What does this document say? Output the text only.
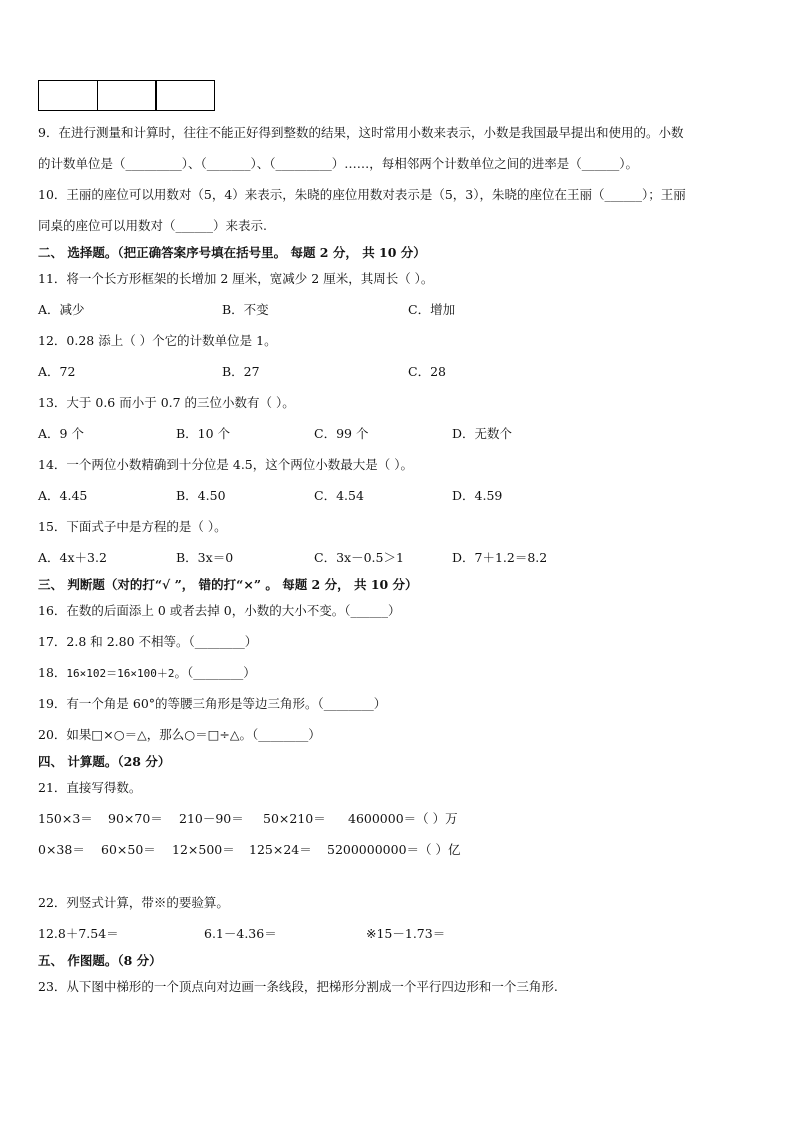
9．在进行测量和计算时，往往不能正好得到整数的结果，这时常用小数来表示，小数是我国最早提出和使用的。小数
的计数单位是（_________）、（_______）、（_________）……，每相邻两个计数单位之间的进率是（______）。
10．王丽的座位可以用数对（5，4）来表示，朱晓的座位用数对表示是（5，3），朱晓的座位在王丽（______）；王丽
同桌的座位可以用数对（______）来表示.
二、 选择题。（把正确答案序号填在括号里。 每题 2 分， 共 10 分）
11．将一个长方形框架的长增加 2 厘米，宽减少 2 厘米，其周长（ ）。
A．减少	B．不变	C．增加
12．0.28 添上（ ）个它的计数单位是 1。
A．72	B．27	C．28
13．大于 0.6 而小于 0.7 的三位小数有（ ）。
A．9 个	B．10 个	C．99 个	D．无数个
14．一个两位小数精确到十分位是 4.5，这个两位小数最大是（ ）。
A．4.45	B．4.50	C．4.54	D．4.59
15．下面式子中是方程的是（ ）。
A．4x＋3.2	B．3x＝0	C．3x－0.5＞1	D．7＋1.2＝8.2
三、 判断题（对的打“√ ”， 错的打“×” 。 每题 2 分， 共 10 分）
16．在数的后面添上 0 或者去掉 0，小数的大小不变。（______）
17．2.8 和 2.80 不相等。（________）
18．16×102＝16×100＋2。（________）
19．有一个角是 60°的等腰三角形是等边三角形。（________）
20．如果□×○＝△，那么○＝□÷△。（________）
四、 计算题。（28 分）
21．直接写得数。
150×3＝ 90×70＝ 210－90＝ 50×210＝ 4600000＝（ ）万
0×38＝ 60×50＝ 12×500＝ 125×24＝ 5200000000＝（ ）亿
22．列竖式计算，带※的要验算。
12.8＋7.54＝	6.1－4.36＝	※15－1.73＝
五、 作图题。（8 分）
23．从下图中梯形的一个顶点向对边画一条线段，把梯形分割成一个平行四边形和一个三角形.
